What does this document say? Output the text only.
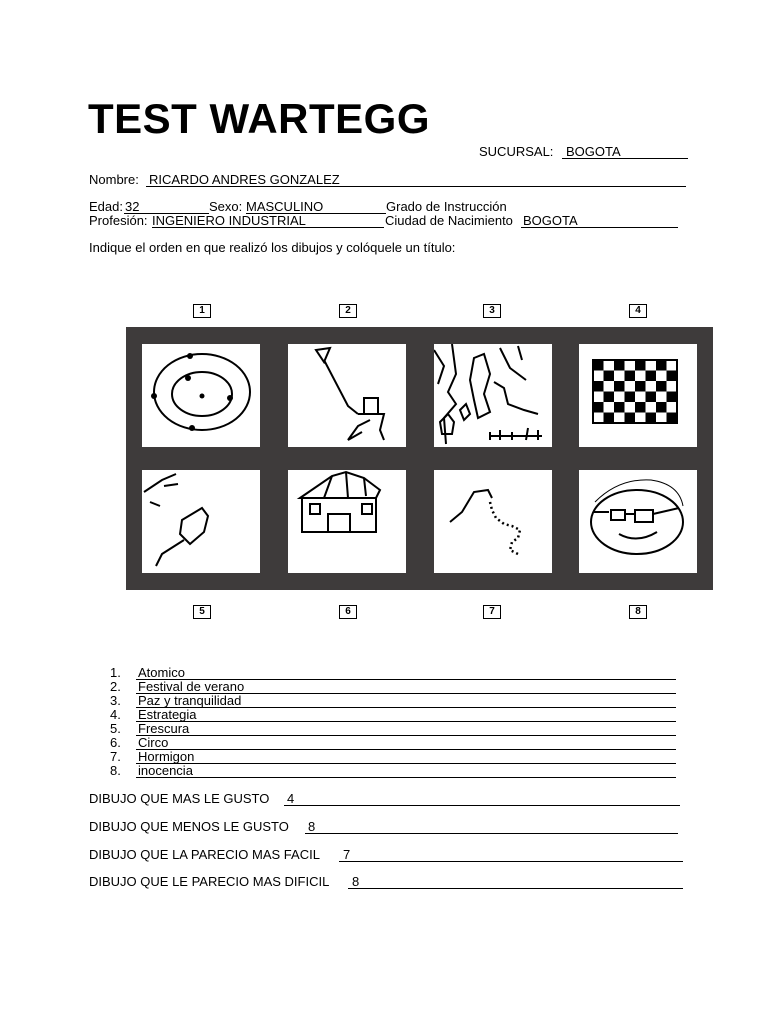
TEST WARTEGG
SUCURSAL: BOGOTA
Nombre: RICARDO ANDRES GONZALEZ
Edad: 32	Sexo: MASCULINO	Grado de Instrucción
Profesión: INGENIERO INDUSTRIAL	Ciudad de Nacimiento BOGOTA
Indique el orden en que realizó los dibujos y colóquele un título:
1	2	3	4
5	6	7	8
1. Atomico
2. Festival de verano
3. Paz y tranquilidad
4. Estrategia
5. Frescura
6. Circo
7. Hormigon
8. inocencia
DIBUJO QUE MAS LE GUSTO 4
DIBUJO QUE MENOS LE GUSTO 8
DIBUJO QUE LA PARECIO MAS FACIL 7
DIBUJO QUE LE PARECIO MAS DIFICIL 8
